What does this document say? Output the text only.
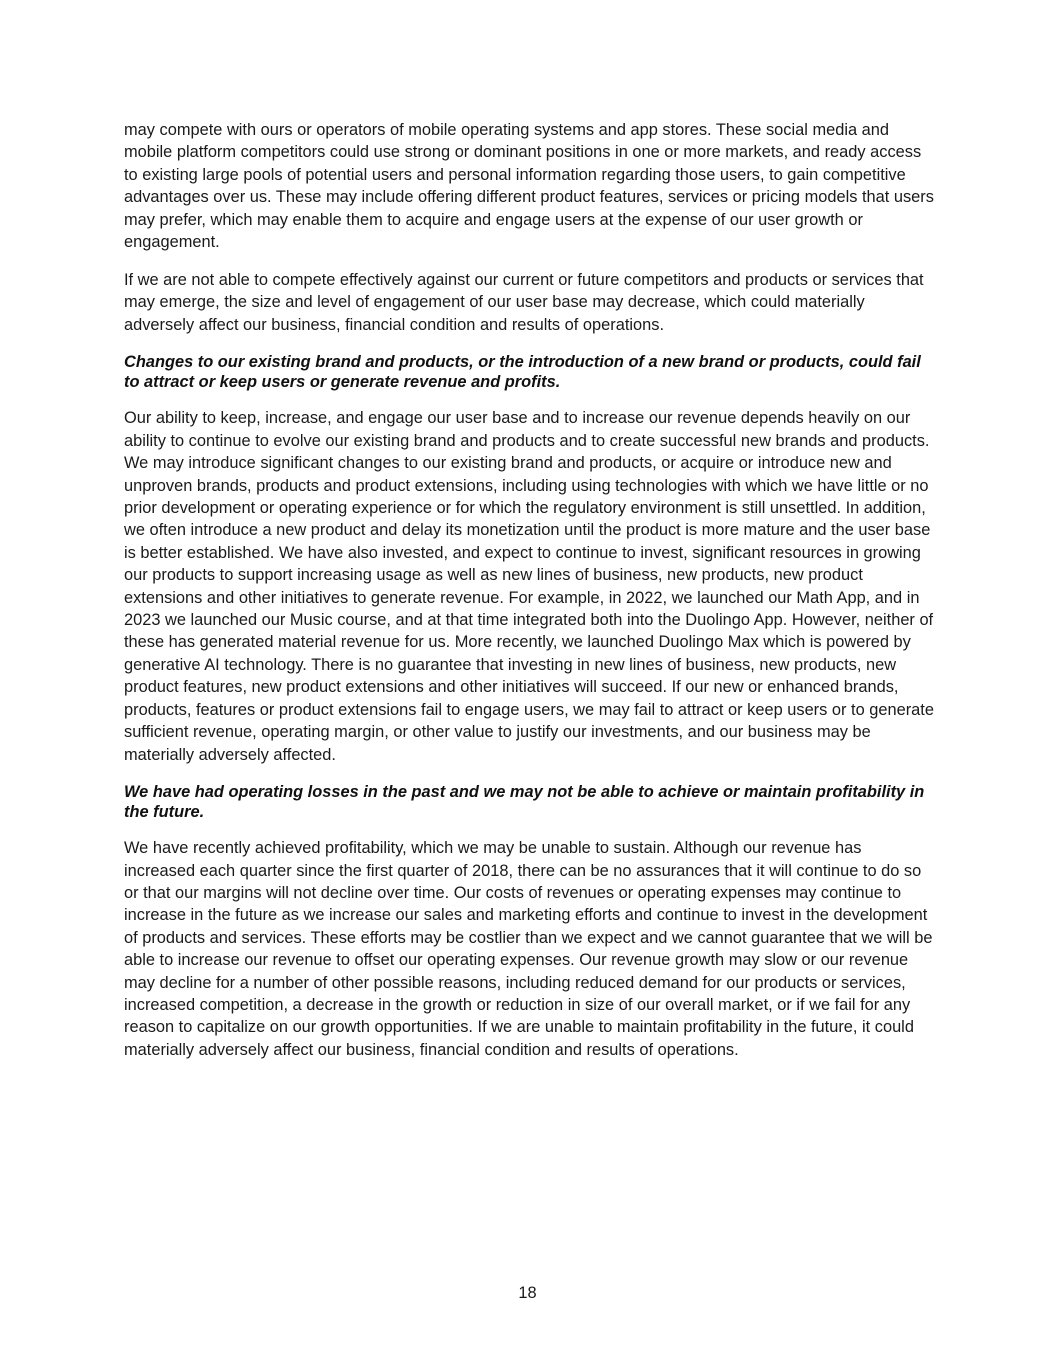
may compete with ours or operators of mobile operating systems and app stores. These social media and mobile platform competitors could use strong or dominant positions in one or more markets, and ready access to existing large pools of potential users and personal information regarding those users, to gain competitive advantages over us. These may include offering different product features, services or pricing models that users may prefer, which may enable them to acquire and engage users at the expense of our user growth or engagement.

If we are not able to compete effectively against our current or future competitors and products or services that may emerge, the size and level of engagement of our user base may decrease, which could materially adversely affect our business, financial condition and results of operations.

Changes to our existing brand and products, or the introduction of a new brand or products, could fail to attract or keep users or generate revenue and profits.

Our ability to keep, increase, and engage our user base and to increase our revenue depends heavily on our ability to continue to evolve our existing brand and products and to create successful new brands and products. We may introduce significant changes to our existing brand and products, or acquire or introduce new and unproven brands, products and product extensions, including using technologies with which we have little or no prior development or operating experience or for which the regulatory environment is still unsettled. In addition, we often introduce a new product and delay its monetization until the product is more mature and the user base is better established. We have also invested, and expect to continue to invest, significant resources in growing our products to support increasing usage as well as new lines of business, new products, new product extensions and other initiatives to generate revenue. For example, in 2022, we launched our Math App, and in 2023 we launched our Music course, and at that time integrated both into the Duolingo App. However, neither of these has generated material revenue for us. More recently, we launched Duolingo Max which is powered by generative AI technology. There is no guarantee that investing in new lines of business, new products, new product features, new product extensions and other initiatives will succeed. If our new or enhanced brands, products, features or product extensions fail to engage users, we may fail to attract or keep users or to generate sufficient revenue, operating margin, or other value to justify our investments, and our business may be materially adversely affected.

We have had operating losses in the past and we may not be able to achieve or maintain profitability in the future.

We have recently achieved profitability, which we may be unable to sustain. Although our revenue has increased each quarter since the first quarter of 2018, there can be no assurances that it will continue to do so or that our margins will not decline over time. Our costs of revenues or operating expenses may continue to increase in the future as we increase our sales and marketing efforts and continue to invest in the development of products and services. These efforts may be costlier than we expect and we cannot guarantee that we will be able to increase our revenue to offset our operating expenses. Our revenue growth may slow or our revenue may decline for a number of other possible reasons, including reduced demand for our products or services, increased competition, a decrease in the growth or reduction in size of our overall market, or if we fail for any reason to capitalize on our growth opportunities. If we are unable to maintain profitability in the future, it could materially adversely affect our business, financial condition and results of operations.

18
